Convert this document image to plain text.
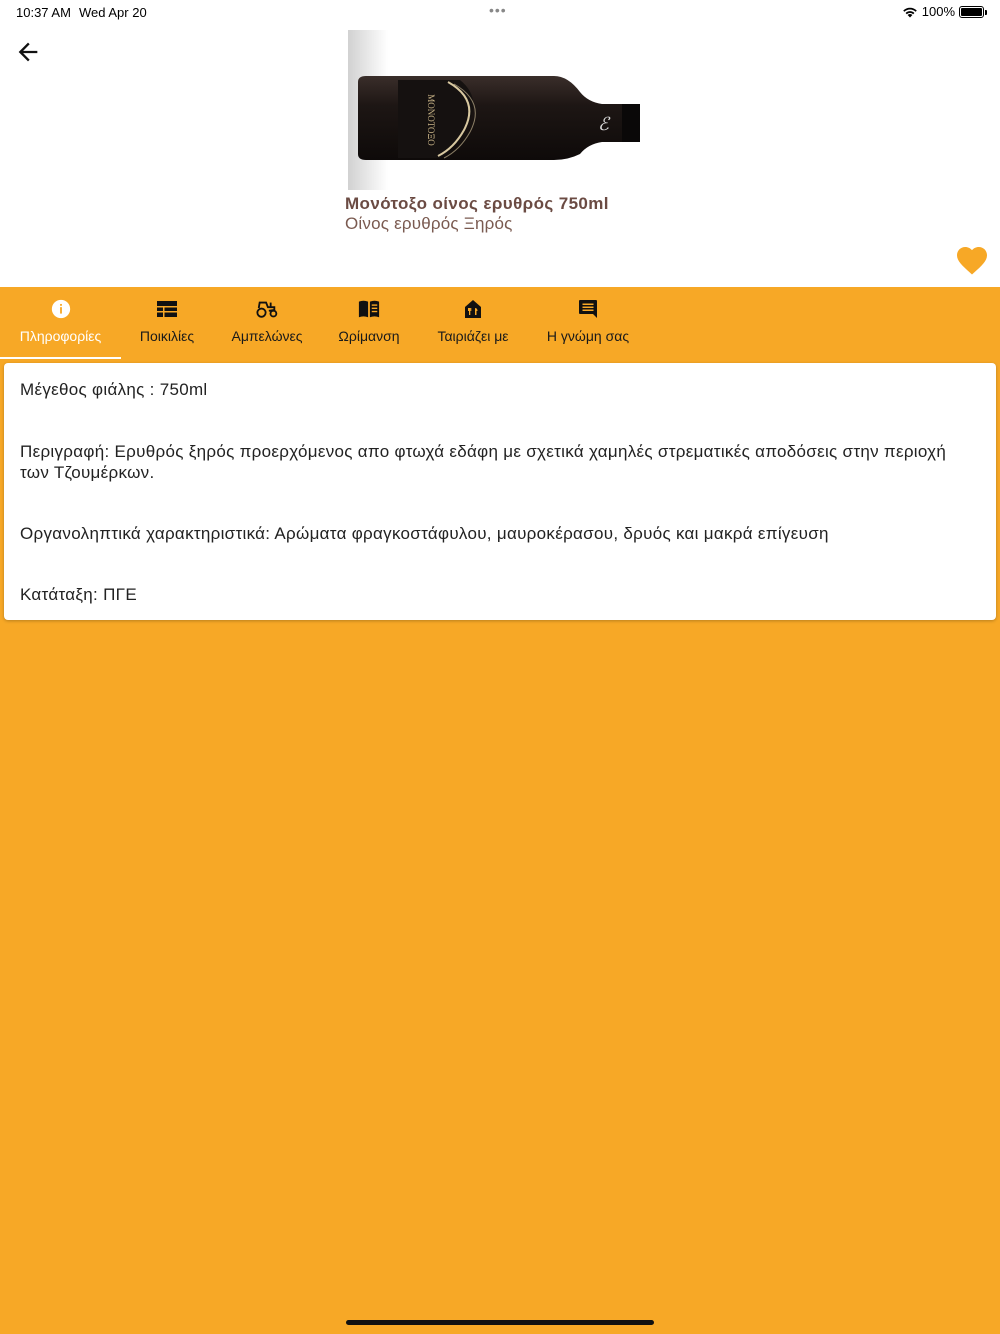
10:37 AM Wed Apr 20	•••	100%
ΜΟΝΟΤΟΞΟ	ℰ
Μονότοξο οίνος ερυθρός 750ml
Οίνος ερυθρός Ξηρός
Πληροφορίες	Ποικιλίες	Αμπελώνες	Ωρίμανση	Ταιριάζει με	Η γνώμη σας
Μέγεθος φιάλης : 750ml
Περιγραφή: Ερυθρός ξηρός προερχόμενος απο φτωχά εδάφη με σχετικά χαμηλές στρεματικές αποδόσεις στην περιοχή των Τζουμέρκων.
Οργανοληπτικά χαρακτηριστικά: Αρώματα φραγκοστάφυλου, μαυροκέρασου, δρυός και μακρά επίγευση
Κατάταξη: ΠΓΕ
